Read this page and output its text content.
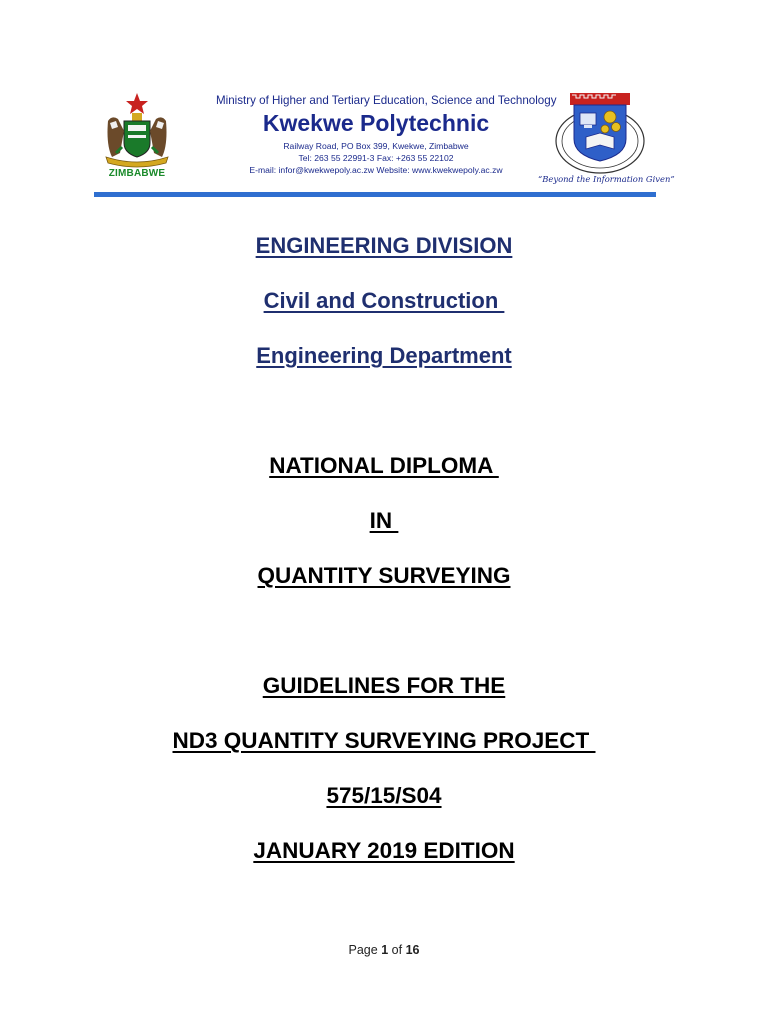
ZIMBABWE
Ministry of Higher and Tertiary Education, Science and Technology
Kwekwe Polytechnic
Railway Road, PO Box 399, Kwekwe, Zimbabwe
Tel: 263 55 22991-3 Fax: +263 55 22102
E-mail: infor@kwekwepoly.ac.zw Website: www.kwekwepoly.ac.zw
“Beyond the Information Given”
ENGINEERING DIVISION
Civil and Construction
Engineering Department
NATIONAL DIPLOMA
IN
QUANTITY SURVEYING
GUIDELINES FOR THE
ND3 QUANTITY SURVEYING PROJECT
575/15/S04
JANUARY 2019 EDITION
Page 1 of 16
